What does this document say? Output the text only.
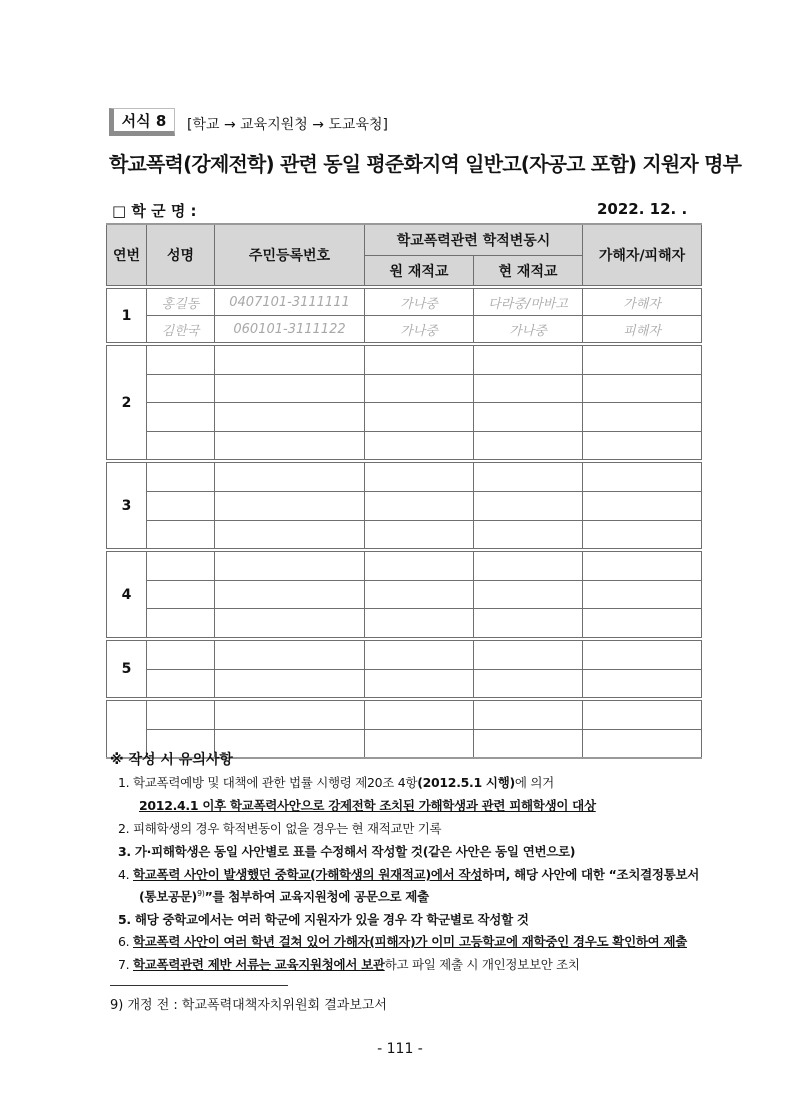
서식 8	[학교 → 교육지원청 → 도교육청]
학교폭력(강제전학) 관련 동일 평준화지역 일반고(자공고 포함) 지원자 명부
□ 학 군 명 :	2022. 12. .
연번	성명	주민등록번호	학교폭력관련 학적변동시		가해자/피해자
			원 재적교	현 재적교	
1	홍길동	0407101-3111111	가나중	다라중/마바고	가해자
	김한국	060101-3111122	가나중	가나중	피해자
2					

3					

4					

5					

※ 작성 시 유의사항
1. 학교폭력예방 및 대책에 관한 법률 시행령 제20조 4항(2012.5.1 시행)에 의거
2012.4.1 이후 학교폭력사안으로 강제전학 조치된 가해학생과 관련 피해학생이 대상
2. 피해학생의 경우 학적변동이 없을 경우는 현 재적교만 기록
3. 가·피해학생은 동일 사안별로 표를 수정해서 작성할 것(같은 사안은 동일 연번으로)
4. 학교폭력 사안이 발생했던 중학교(가해학생의 원재적교)에서 작성하며, 해당 사안에 대한 “조치결정통보서
(통보공문)$^{9)}$”를 첨부하여 교육지원청에 공문으로 제출
5. 해당 중학교에서는 여러 학군에 지원자가 있을 경우 각 학군별로 작성할 것
6. 학교폭력 사안이 여러 학년 걸쳐 있어 가해자(피해자)가 이미 고등학교에 재학중인 경우도 확인하여 제출
7. 학교폭력관련 제반 서류는 교육지원청에서 보관하고 파일 제출 시 개인정보보안 조치
9) 개정 전 : 학교폭력대책자치위원회 결과보고서
- 111 -
